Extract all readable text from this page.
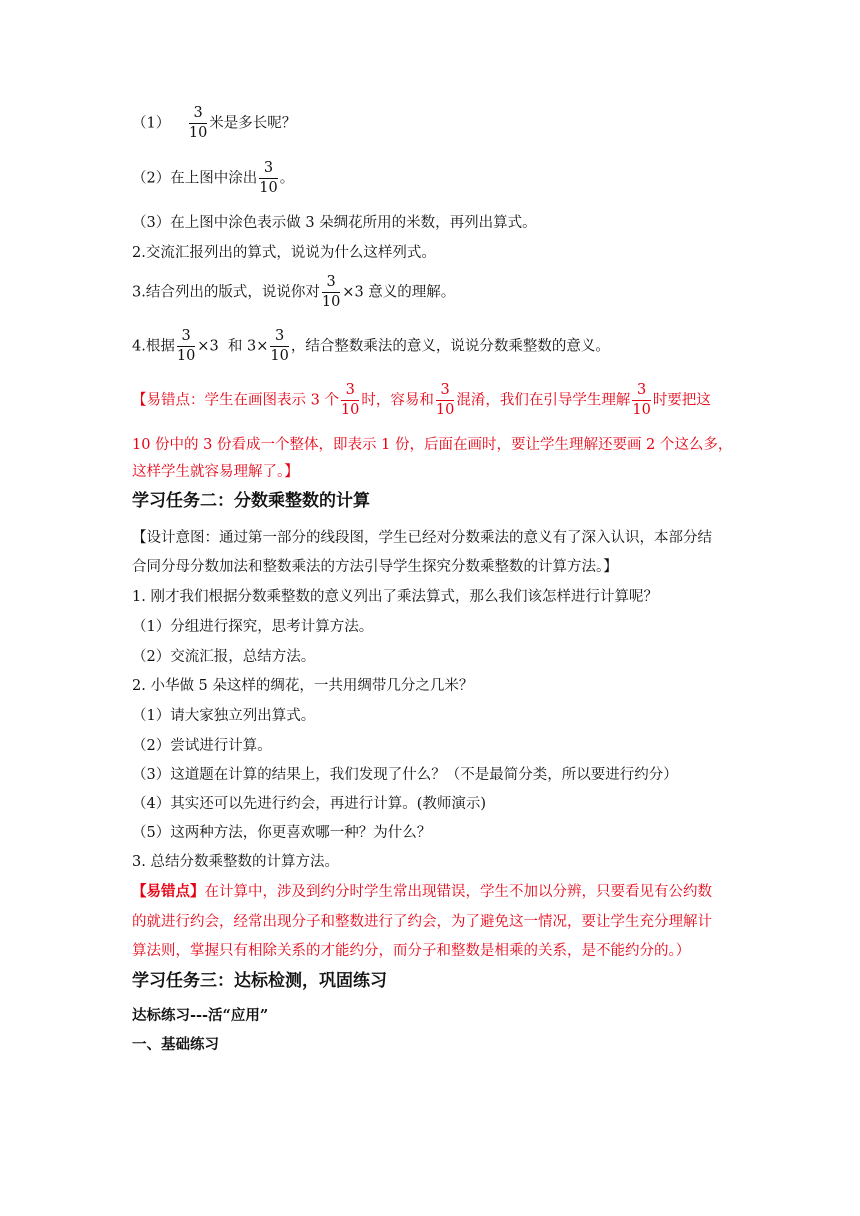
$(1) \frac{3}{10}$ 米是多长呢？
（2）在上图中涂出 $\frac{3}{10}$ 。
（3）在上图中涂色表示做 3 朵绸花所用的米数，再列出算式。
2.交流汇报列出的算式，说说为什么这样列式。
3.结合列出的版式，说说你对 $\frac{3}{10} \times 3$ 意义的理解。
4.根据 $\frac{3}{10} \times 3$  和 $3\times \frac{3}{10}$ ，结合整数乘法的意义，说说分数乘整数的意义。
【易错点：学生在画图表示 3 个 $\frac{3}{10}$ 时，容易和 $\frac{3}{10}$ 混淆，我们在引导学生理解 $\frac{3}{10}$ 时要把这
10 份中的 3 份看成一个整体，即表示 1 份，后面在画时，要让学生理解还要画 2 个这么多，
这样学生就容易理解了。】
学习任务二：分数乘整数的计算
【设计意图：通过第一部分的线段图，学生已经对分数乘法的意义有了深入认识，本部分结
合同分母分数加法和整数乘法的方法引导学生探究分数乘整数的计算方法。】
1. 刚才我们根据分数乘整数的意义列出了乘法算式，那么我们该怎样进行计算呢？
（1）分组进行探究，思考计算方法。
（2）交流汇报，总结方法。
2. 小华做 5 朵这样的绸花，一共用绸带几分之几米？
（1）请大家独立列出算式。
（2）尝试进行计算。
（3）这道题在计算的结果上，我们发现了什么？（不是最简分类，所以要进行约分）
（4）其实还可以先进行约会，再进行计算。(教师演示)
（5）这两种方法，你更喜欢哪一种？为什么？
3. 总结分数乘整数的计算方法。
【易错点】在计算中，涉及到约分时学生常出现错误，学生不加以分辨，只要看见有公约数
的就进行约会，经常出现分子和整数进行了约会，为了避免这一情况，要让学生充分理解计
算法则，掌握只有相除关系的才能约分，而分子和整数是相乘的关系，是不能约分的。）
学习任务三：达标检测，巩固练习
达标练习---活“应用”
一、基础练习
